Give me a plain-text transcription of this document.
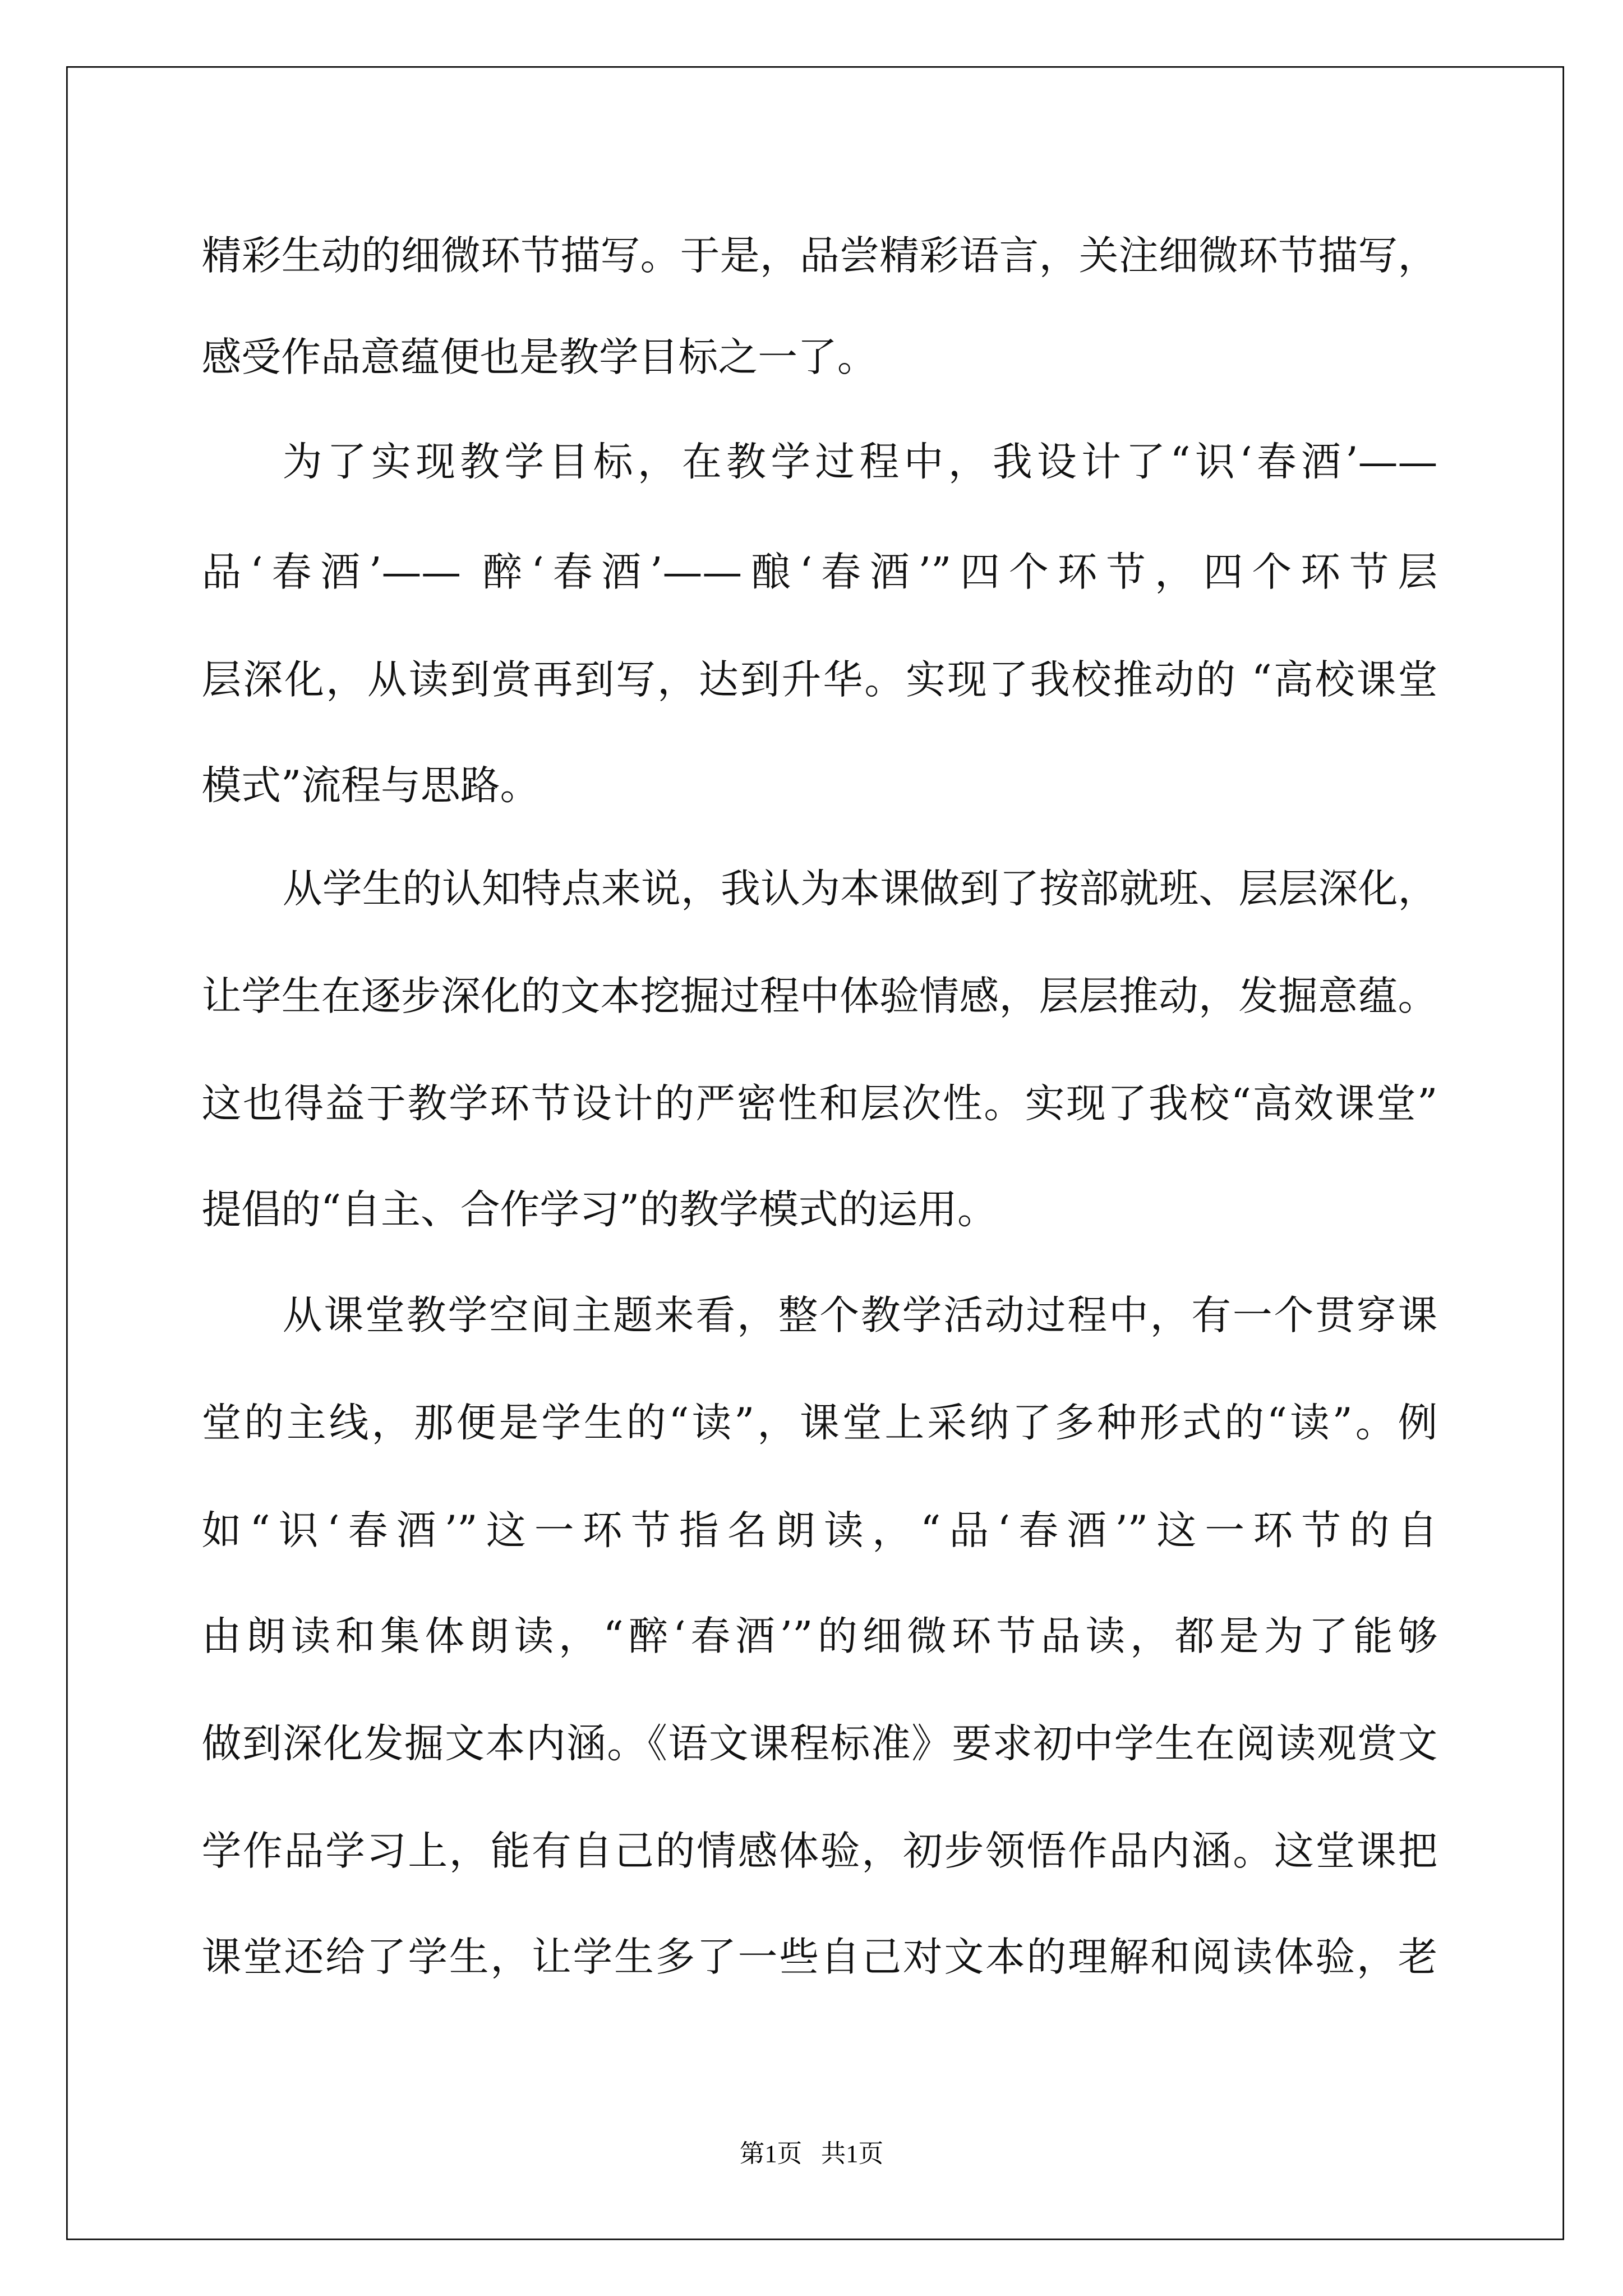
精彩生动的细微环节描写。于是，品尝精彩语言，关注细微环节描写，
感受作品意蕴便也是教学目标之一了。
为了实现教学目标，在教学过程中，我设计了“识‘春酒’——
品‘春酒’—— 醉‘春酒’——酿‘春酒’”四个环节，四个环节层
层深化，从读到赏再到写，达到升华。实现了我校推动的 “高校课堂
模式”流程与思路。
从学生的认知特点来说，我认为本课做到了按部就班、层层深化，
让学生在逐步深化的文本挖掘过程中体验情感，层层推动，发掘意蕴。
这也得益于教学环节设计的严密性和层次性。实现了我校“高效课堂”
提倡的“自主、合作学习”的教学模式的运用。
从课堂教学空间主题来看，整个教学活动过程中，有一个贯穿课
堂的主线，那便是学生的“读”，课堂上采纳了多种形式的“读”。例
如“识‘春酒’”这一环节指名朗读，“品‘春酒’”这一环节的自
由朗读和集体朗读，“醉‘春酒’”的细微环节品读，都是为了能够
做到深化发掘文本内涵。《语文课程标准》要求初中学生在阅读观赏文
学作品学习上，能有自己的情感体验，初步领悟作品内涵。这堂课把
课堂还给了学生，让学生多了一些自己对文本的理解和阅读体验，老
第1页   共1页
